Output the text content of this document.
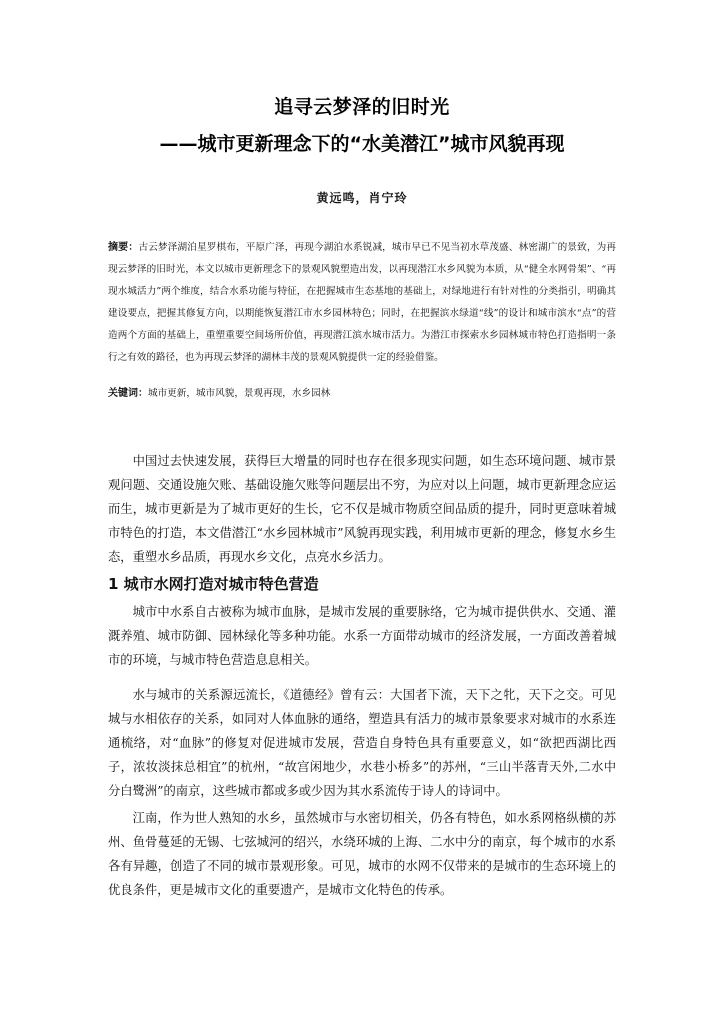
追寻云梦泽的旧时光
——城市更新理念下的“水美潜江”城市风貌再现
黄远鸣，肖宁玲
摘要：古云梦泽湖泊星罗棋布，平原广泽，再现今湖泊水系锐减，城市早已不见当初水草茂盛、林密湖广的景致，为再现云梦泽的旧时光，本文以城市更新理念下的景观风貌塑造出发，以再现潜江水乡风貌为本质，从“健全水网骨架”、“再现水城活力”两个维度，结合水系功能与特征，在把握城市生态基地的基础上，对绿地进行有针对性的分类指引，明确其建设要点，把握其修复方向，以期能恢复潜江市水乡园林特色；同时，在把握滨水绿道“线”的设计和城市滨水“点”的营造两个方面的基础上，重塑重要空间场所价值，再现潜江滨水城市活力。为潜江市探索水乡园林城市特色打造指明一条行之有效的路径，也为再现云梦泽的湖林丰茂的景观风貌提供一定的经验借鉴。
关键词：城市更新，城市风貌，景观再现，水乡园林
中国过去快速发展，获得巨大增量的同时也存在很多现实问题，如生态环境问题、城市景观问题、交通设施欠账、基础设施欠账等问题层出不穷，为应对以上问题，城市更新理念应运而生，城市更新是为了城市更好的生长，它不仅是城市物质空间品质的提升，同时更意味着城市特色的打造，本文借潜江“水乡园林城市”风貌再现实践，利用城市更新的理念，修复水乡生态，重塑水乡品质，再现水乡文化，点亮水乡活力。
1 城市水网打造对城市特色营造
城市中水系自古被称为城市血脉，是城市发展的重要脉络，它为城市提供供水、交通、灌溉养殖、城市防御、园林绿化等多种功能。水系一方面带动城市的经济发展，一方面改善着城市的环境，与城市特色营造息息相关。
水与城市的关系源远流长，《道德经》曾有云：大国者下流，天下之牝，天下之交。可见城与水相依存的关系，如同对人体血脉的通络，塑造具有活力的城市景象要求对城市的水系连通梳络，对“血脉”的修复对促进城市发展，营造自身特色具有重要意义，如“欲把西湖比西子，浓妆淡抹总相宜”的杭州，“故宫闲地少，水巷小桥多”的苏州，“三山半落青天外,二水中分白鹭洲”的南京，这些城市都或多或少因为其水系流传于诗人的诗词中。
江南，作为世人熟知的水乡，虽然城市与水密切相关，仍各有特色，如水系网格纵横的苏州、鱼骨蔓延的无锡、七弦城河的绍兴，水绕环城的上海、二水中分的南京，每个城市的水系各有异趣，创造了不同的城市景观形象。可见，城市的水网不仅带来的是城市的生态环境上的优良条件，更是城市文化的重要遗产，是城市文化特色的传承。
